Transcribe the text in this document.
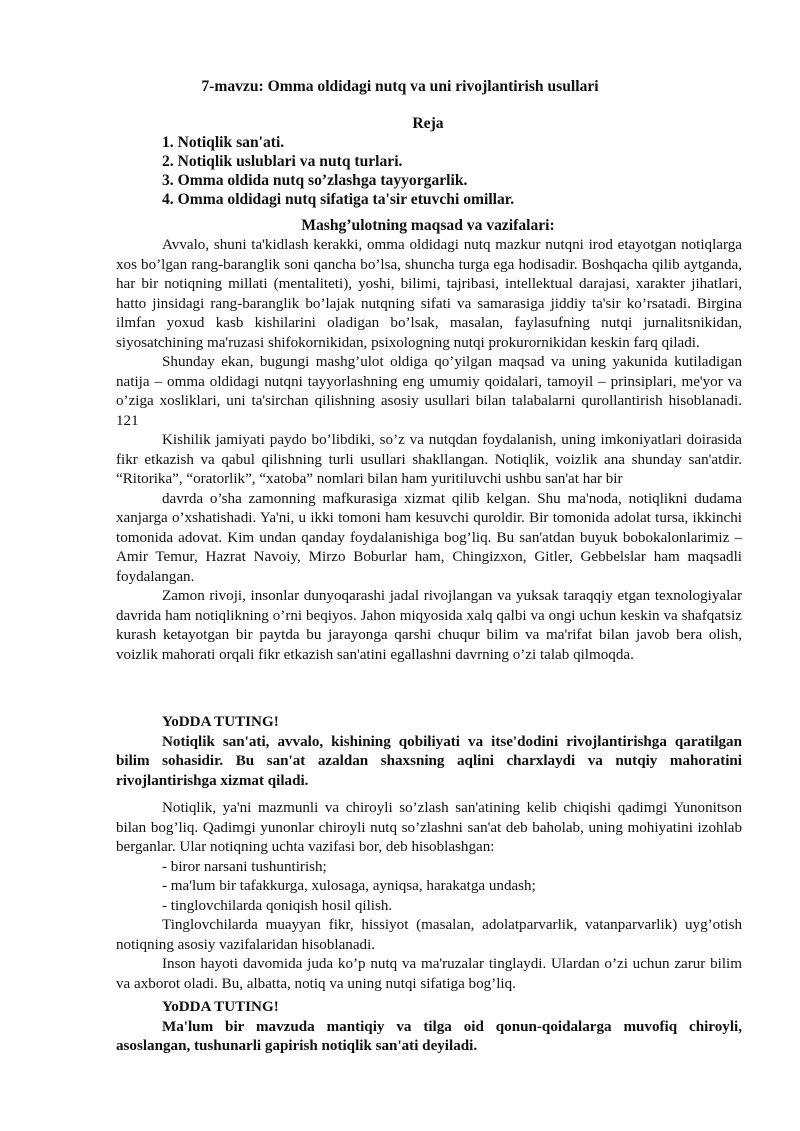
7-mavzu: Omma oldidagi nutq va uni rivojlantirish usullari
Reja
1. Notiqlik san'ati.
2. Notiqlik uslublari va nutq turlari.
3. Omma oldida nutq so’zlashga tayyorgarlik.
4. Omma oldidagi nutq sifatiga ta'sir etuvchi omillar.
Mashg’ulotning maqsad va vazifalari:

Avvalo, shuni ta'kidlash kerakki, omma oldidagi nutq mazkur nutqni irod etayotgan notiqlarga xos bo’lgan rang-baranglik soni qancha bo’lsa, shuncha turga ega hodisadir. Boshqacha qilib aytganda, har bir notiqning millati (mentaliteti), yoshi, bilimi, tajribasi, intellektual darajasi, xarakter jihatlari, hatto jinsidagi rang-baranglik bo’lajak nutqning sifati va samarasiga jiddiy ta'sir ko’rsatadi. Birgina ilmfan yoxud kasb kishilarini oladigan bo’lsak, masalan, faylasufning nutqi jurnalitsnikidan, siyosatchining ma'ruzasi shifokornikidan, psixologning nutqi prokurornikidan keskin farq qiladi.

Shunday ekan, bugungi mashg’ulot oldiga qo’yilgan maqsad va uning yakunida kutiladigan natija – omma oldidagi nutqni tayyorlashning eng umumiy qoidalari, tamoyil – prinsiplari, me'yor va o’ziga xosliklari, uni ta'sirchan qilishning asosiy usullari bilan talabalarni qurollantirish hisoblanadi. 121

Kishilik jamiyati paydo bo’libdiki, so’z va nutqdan foydalanish, uning imkoniyatlari doirasida fikr etkazish va qabul qilishning turli usullari shakllangan. Notiqlik, voizlik ana shunday san'atdir. “Ritorika”, “oratorlik”, “xatoba” nomlari bilan ham yuritiluvchi ushbu san'at har bir

davrda o’sha zamonning mafkurasiga xizmat qilib kelgan. Shu ma'noda, notiqlikni dudama xanjarga o’xshatishadi. Ya'ni, u ikki tomoni ham kesuvchi quroldir. Bir tomonida adolat tursa, ikkinchi tomonida adovat. Kim undan qanday foydalanishiga bog’liq. Bu san'atdan buyuk bobokalonlarimiz – Amir Temur, Hazrat Navoiy, Mirzo Boburlar ham, Chingizxon, Gitler, Gebbelslar ham maqsadli foydalangan.

Zamon rivoji, insonlar dunyoqarashi jadal rivojlangan va yuksak taraqqiy etgan texnologiyalar davrida ham notiqlikning o’rni beqiyos. Jahon miqyosida xalq qalbi va ongi uchun keskin va shafqatsiz kurash ketayotgan bir paytda bu jarayonga qarshi chuqur bilim va ma'rifat bilan javob bera olish, voizlik mahorati orqali fikr etkazish san'atini egallashni davrning o’zi talab qilmoqda.

YoDDA TUTING!

Notiqlik san'ati, avvalo, kishining qobiliyati va itse'dodini rivojlantirishga qaratilgan bilim sohasidir. Bu san'at azaldan shaxsning aqlini charxlaydi va nutqiy mahoratini rivojlantirishga xizmat qiladi.

Notiqlik, ya'ni mazmunli va chiroyli so’zlash san'atining kelib chiqishi qadimgi Yunonitson bilan bog’liq. Qadimgi yunonlar chiroyli nutq so’zlashni san'at deb baholab, uning mohiyatini izohlab berganlar. Ular notiqning uchta vazifasi bor, deb hisoblashgan:

- biror narsani tushuntirish;
- ma'lum bir tafakkurga, xulosaga, ayniqsa, harakatga undash;
- tinglovchilarda qoniqish hosil qilish.

Tinglovchilarda muayyan fikr, hissiyot (masalan, adolatparvarlik, vatanparvarlik) uyg’otish notiqning asosiy vazifalaridan hisoblanadi.

Inson hayoti davomida juda ko’p nutq va ma'ruzalar tinglaydi. Ulardan o’zi uchun zarur bilim va axborot oladi. Bu, albatta, notiq va uning nutqi sifatiga bog’liq.

YoDDA TUTING!

Ma'lum bir mavzuda mantiqiy va tilga oid qonun-qoidalarga muvofiq chiroyli, asoslangan, tushunarli gapirish notiqlik san'ati deyiladi.
